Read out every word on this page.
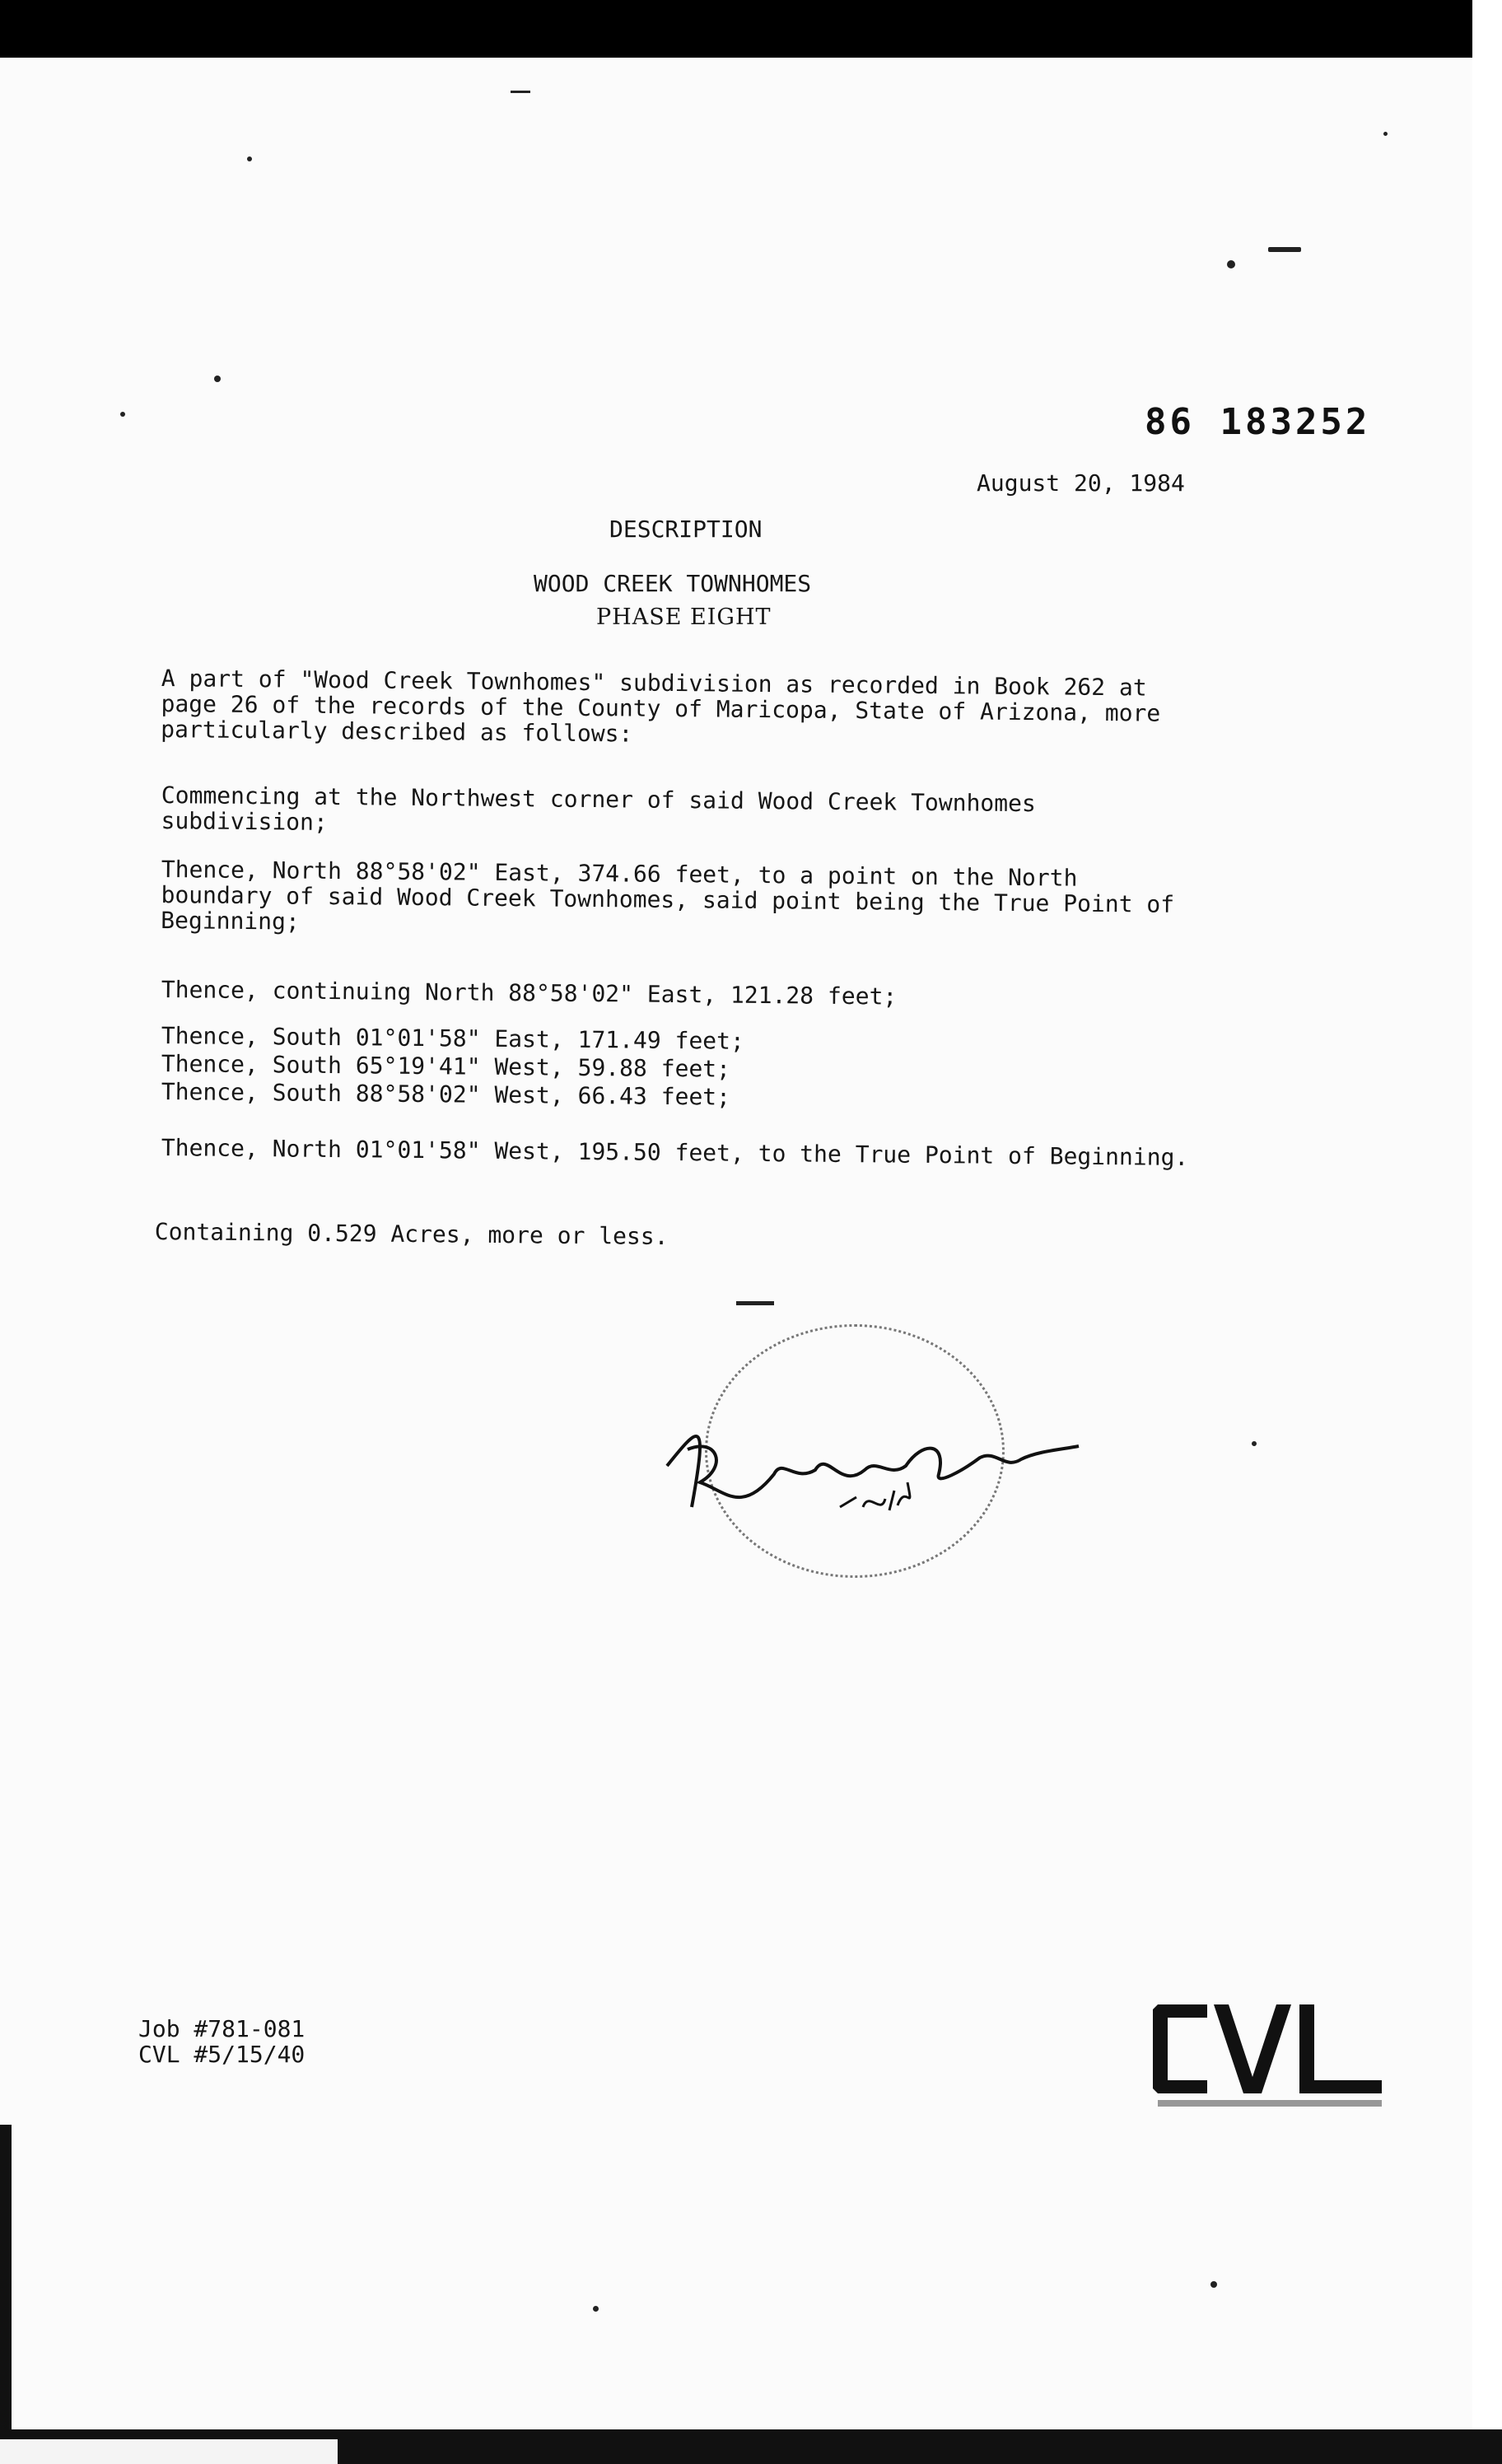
86 183252
August 20, 1984
DESCRIPTION
WOOD CREEK TOWNHOMES
PHASE EIGHT
A part of "Wood Creek Townhomes" subdivision as recorded in Book 262 at page 26 of the records of the County of Maricopa, State of Arizona, more particularly described as follows:
Commencing at the Northwest corner of said Wood Creek Townhomes subdivision;
Thence, North 88°58'02" East, 374.66 feet, to a point on the North boundary of said Wood Creek Townhomes, said point being the True Point of Beginning;
Thence, continuing North 88°58'02" East, 121.28 feet;
Thence, South 01°01'58" East, 171.49 feet;
Thence, South 65°19'41" West, 59.88 feet;
Thence, South 88°58'02" West, 66.43 feet;
Thence, North 01°01'58" West, 195.50 feet, to the True Point of Beginning.
Containing 0.529 Acres, more or less.
Job #781-081
CVL #5/15/40
